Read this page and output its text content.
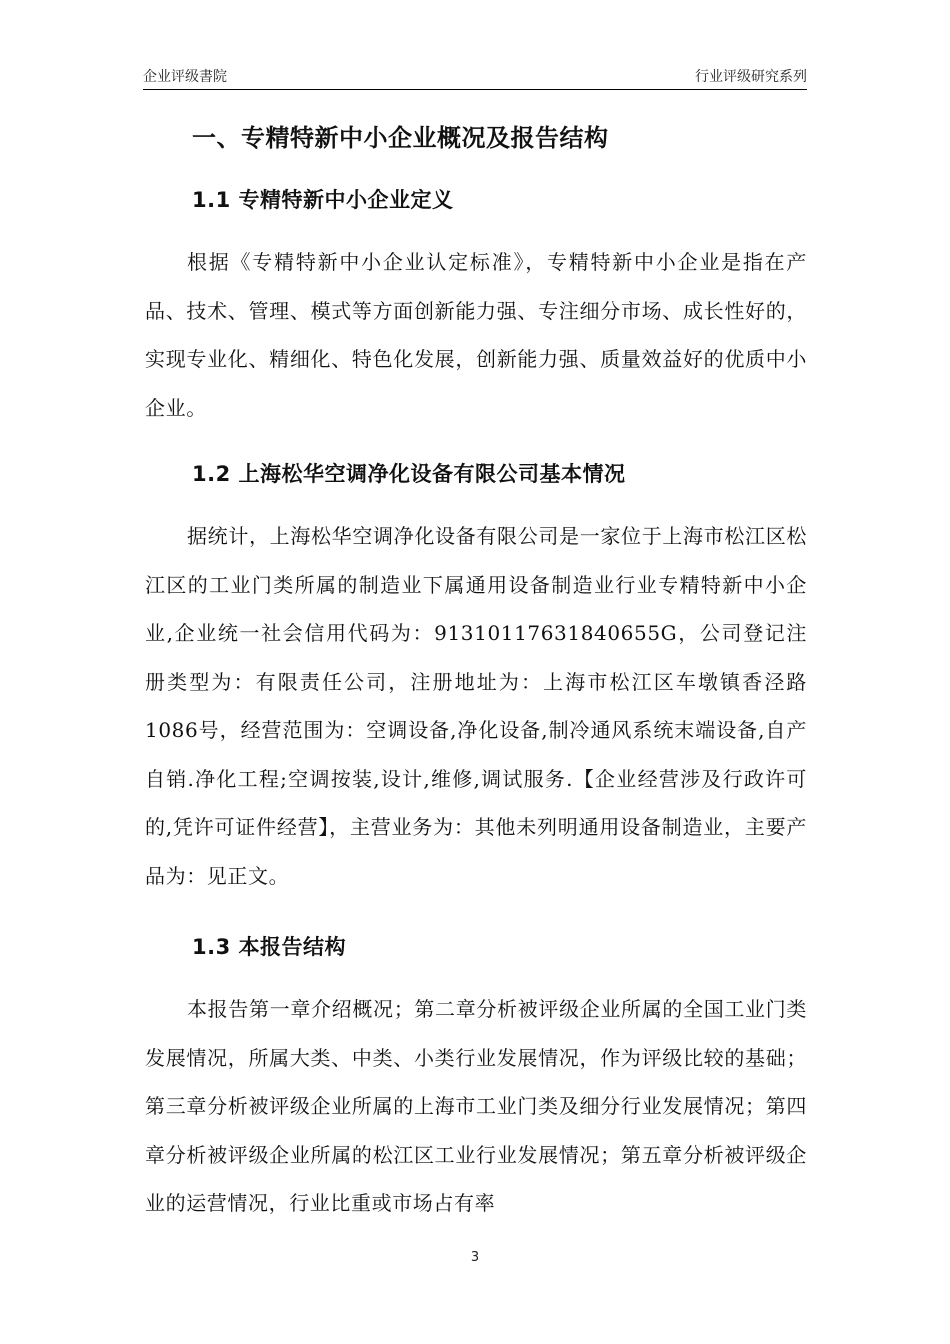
企业评级書院	行业评级研究系列
一、专精特新中小企业概况及报告结构
1.1 专精特新中小企业定义

根据《专精特新中小企业认定标准》，专精特新中小企业是指在产品、技术、管理、模式等方面创新能力强、专注细分市场、成长性好的，实现专业化、精细化、特色化发展，创新能力强、质量效益好的优质中小企业。

1.2 上海松华空调净化设备有限公司基本情况

据统计，上海松华空调净化设备有限公司是一家位于上海市松江区松江区的工业门类所属的制造业下属通用设备制造业行业专精特新中小企业,企业统一社会信用代码为：91310117631840655G，公司登记注册类型为：有限责任公司，注册地址为：上海市松江区车墩镇香泾路1086号，经营范围为：空调设备,净化设备,制冷通风系统末端设备,自产自销.净化工程;空调按装,设计,维修,调试服务.【企业经营涉及行政许可的,凭许可证件经营】，主营业务为：其他未列明通用设备制造业，主要产品为：见正文。

1.3 本报告结构

本报告第一章介绍概况；第二章分析被评级企业所属的全国工业门类发展情况，所属大类、中类、小类行业发展情况，作为评级比较的基础；第三章分析被评级企业所属的上海市工业门类及细分行业发展情况；第四章分析被评级企业所属的松江区工业行业发展情况；第五章分析被评级企业的运营情况，行业比重或市场占有率

3
